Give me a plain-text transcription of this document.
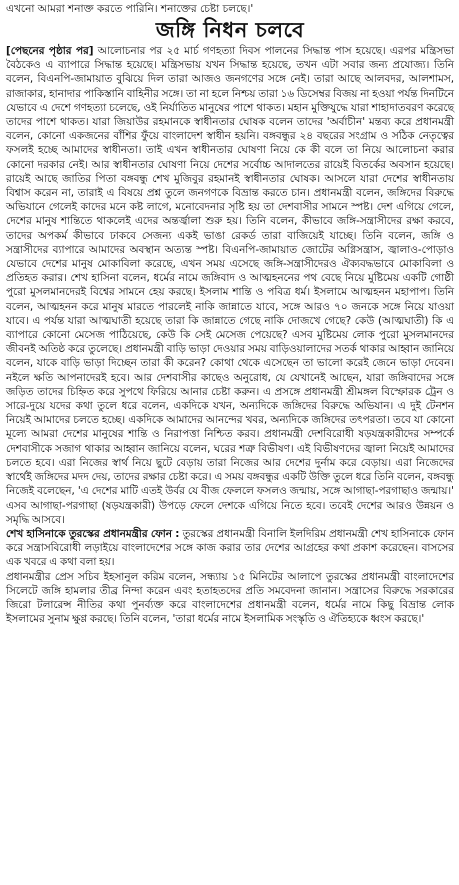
এখনো আমরা শনাক্ত করতে পারিনি। শনাক্তের চেষ্টা চলছে।'
জঙ্গি নিধন চলবে

[পেছনের পৃষ্ঠার পর] আলোচনার পর ২৫ মার্চ গণহত্যা দিবস পালনের সিদ্ধান্ত পাস হয়েছে। এরপর মন্ত্রিসভা বৈঠকেও এ ব্যাপারে সিদ্ধান্ত হয়েছে। মন্ত্রিসভায় যখন সিদ্ধান্ত হয়েছে, তখন এটা সবার জন্য প্রযোজ্য। তিনি বলেন, বিএনপি-জামায়াত বুঝিয়ে দিল তারা আজও জনগণের সঙ্গে নেই। তারা আছে আলবদর, আলশামস, রাজাকার, হানাদার পাকিস্তানি বাহিনীর সঙ্গে। তা না হলে নিশ্চয় তারা ১৬ ডিসেম্বর বিজয় না হওয়া পর্যন্ত দিনটিনে যেভাবে এ দেশে গণহত্যা চলেছে, ওই নির্যাতিত মানুষের পাশে থাকত। মহান মুক্তিযুদ্ধে যারা শাহাদাতবরণ করেছে তাদের পাশে থাকত। যারা জিয়াউর রহমানকে স্বাধীনতার ঘোষক বলেন তাদের 'অর্বাচীন' মন্তব্য করে প্রধানমন্ত্রী বলেন, কোনো একজনের বাঁশির ফুঁয়ে বাংলাদেশ স্বাধীন হয়নি। বঙ্গবন্ধুর ২৪ বছরের সংগ্রাম ও সঠিক নেতৃত্বের ফসলই হচ্ছে আমাদের স্বাধীনতা। তাই এখন স্বাধীনতার ঘোষণা নিয়ে কে কী বলে তা নিয়ে আলোচনা করার কোনো দরকার নেই। আর স্বাধীনতার ঘোষণা নিয়ে দেশের সর্বোচ্চ আদালতের রায়েই বিতর্কের অবসান হয়েছে। রায়েই আছে জাতির পিতা বঙ্গবন্ধু শেখ মুজিবুর রহমানই স্বাধীনতার ঘোষক। আসলে যারা দেশের স্বাধীনতায় বিশ্বাস করেন না, তারাই এ বিষয়ে প্রশ্ন তুলে জনগণকে বিভ্রান্ত করতে চান। প্রধানমন্ত্রী বলেন, জঙ্গিদের বিরুদ্ধে অভিযানে গেলেই কাদের মনে কষ্ট লাগে, মনোবেদনার সৃষ্টি হয় তা দেশবাসীর সামনে স্পষ্ট। দেশ এগিয়ে গেলে, দেশের মানুষ শান্তিতে থাকলেই এদের অন্তর্জ্বালা শুরু হয়। তিনি বলেন, কীভাবে জঙ্গি-সন্ত্রাসীদের রক্ষা করবে, তাদের অপকর্ম কীভাবে ঢাকবে সেজন্য একই ভাঙা রেকর্ড তারা বাজিয়েই যাচ্ছে। তিনি বলেন, জঙ্গি ও সন্ত্রাসীদের ব্যাপারে আমাদের অবস্থান অত্যন্ত স্পষ্ট। বিএনপি-জামায়াত জোটের অগ্নিসন্ত্রাস, জ্বালাও-পোড়াও যেভাবে দেশের মানুষ মোকাবিলা করেছে, এখন সময় এসেছে জঙ্গি-সন্ত্রাসীদেরও ঐক্যবদ্ধভাবে মোকাবিলা ও প্রতিহত করার। শেখ হাসিনা বলেন, ধর্মের নামে জঙ্গিবাদ ও আত্মহননের পথ বেছে নিয়ে মুষ্টিমেয় একটি গোষ্ঠী পুরো মুসলমানদেরই বিশ্বের সামনে হেয় করছে। ইসলাম শান্তি ও পবিত্র ধর্ম। ইসলামে আত্মহনন মহাপাপ। তিনি বলেন, আত্মহনন করে মানুষ মারতে পারলেই নাকি জান্নাতে যাবে, সঙ্গে আরও ৭০ জনকে সঙ্গে নিয়ে যাওয়া যাবে। এ পর্যন্ত যারা আত্মঘাতী হয়েছে তারা কি জান্নাতে গেছে নাকি দোজখে গেছে? কেউ (আত্মঘাতী) কি এ ব্যাপারে কোনো মেসেজ পাঠিয়েছে, কেউ কি সেই মেসেজ পেয়েছে? এসব মুষ্টিমেয় লোক পুরো মুসলমানদের জীবনই অতিষ্ঠ করে তুলেছে। প্রধানমন্ত্রী বাড়ি ভাড়া দেওয়ার সময় বাড়িওয়ালাদের সতর্ক থাকার আহ্বান জানিয়ে বলেন, যাকে বাড়ি ভাড়া দিচ্ছেন তারা কী করেন? কোথা থেকে এসেছেন তা ভালো করেই জেনে ভাড়া দেবেন। নইলে ক্ষতি আপনাদেরই হবে। আর দেশবাসীর কাছেও অনুরোধ, যে যেখানেই আছেন, যারা জঙ্গিবাদের সঙ্গে জড়িত তাদের চিহ্নিত করে সুপথে ফিরিয়ে আনার চেষ্টা করুন। এ প্রসঙ্গে প্রধানমন্ত্রী শ্রীমঙ্গল বিস্ফোরক ট্রেন ও সারে-দুয়ে যদের কথা তুলে ধরে বলেন, একদিকে যখন, অন্যদিকে জঙ্গিদের বিরুদ্ধে অভিযান। এ দুই টেনশন নিয়েই আমাদের চলতে হচ্ছে। একদিকে আমাদের আনন্দের খবর, অন্যদিকে জঙ্গিদের তৎপরতা। তবে যা কোনো মূল্যে আমরা দেশের মানুষের শান্তি ও নিরাপত্তা নিশ্চিত করব। প্রধানমন্ত্রী দেশবিরোধী ষড়যন্ত্রকারীদের সম্পর্কে দেশবাসীকে সজাগ থাকার আহ্বান জানিয়ে বলেন, ঘরের শত্রু বিভীষণ। এই বিভীষণদের জ্বালা নিয়েই আমাদের চলতে হবে। এরা নিজের স্বার্থ নিয়ে ছুটে বেড়ায় তারা নিজের আর দেশের দুর্নাম করে বেড়ায়। এরা নিজেদের স্বার্থেই জঙ্গিদের মদদ দেয়, তাদের রক্ষার চেষ্টা করে। এ সময় বঙ্গবন্ধুর একটি উক্তি তুলে ধরে তিনি বলেন, বঙ্গবন্ধু নিজেই বলেছেন, 'এ দেশের মাটি এতই উর্বর যে বীজ ফেললে ফসলও জন্মায়, সঙ্গে আগাছা-পরগাছাও জন্মায়।' এসব আগাছা-পরগাছা (ষড়যন্ত্রকারী) উপড়ে ফেলে দেশকে এগিয়ে নিতে হবে। তবেই দেশের আরও উন্নয়ন ও সমৃদ্ধি আসবে।

শেখ হাসিনাকে তুরস্কের প্রধানমন্ত্রীর ফোন : তুরস্কের প্রধানমন্ত্রী বিনালি ইলদিরিম প্রধানমন্ত্রী শেখ হাসিনাকে ফোন করে সন্ত্রাসবিরোধী লড়াইয়ে বাংলাদেশের সঙ্গে কাজ করার তার দেশের আগ্রহের কথা প্রকাশ করেছেন। বাসসের এক খবরে এ কথা বলা হয়।

প্রধানমন্ত্রীর প্রেস সচিব ইহসানুল করিম বলেন, সন্ধ্যায় ১৫ মিনিটের আলাপে তুরস্কের প্রধানমন্ত্রী বাংলাদেশের সিলেটে জঙ্গি হামলার তীব্র নিন্দা করেন এবং হতাহতদের প্রতি সমবেদনা জানান। সন্ত্রাসের বিরুদ্ধে সরকারের জিরো টলারেন্স নীতির কথা পুনর্ব্যক্ত করে বাংলাদেশের প্রধানমন্ত্রী বলেন, ধর্মের নামে কিছু বিভ্রান্ত লোক ইসলামের সুনাম ক্ষুণ্ণ করছে। তিনি বলেন, 'তারা ধর্মের নামে ইসলামিক সংস্কৃতি ও ঐতিহ্যকে ধ্বংস করছে।'
